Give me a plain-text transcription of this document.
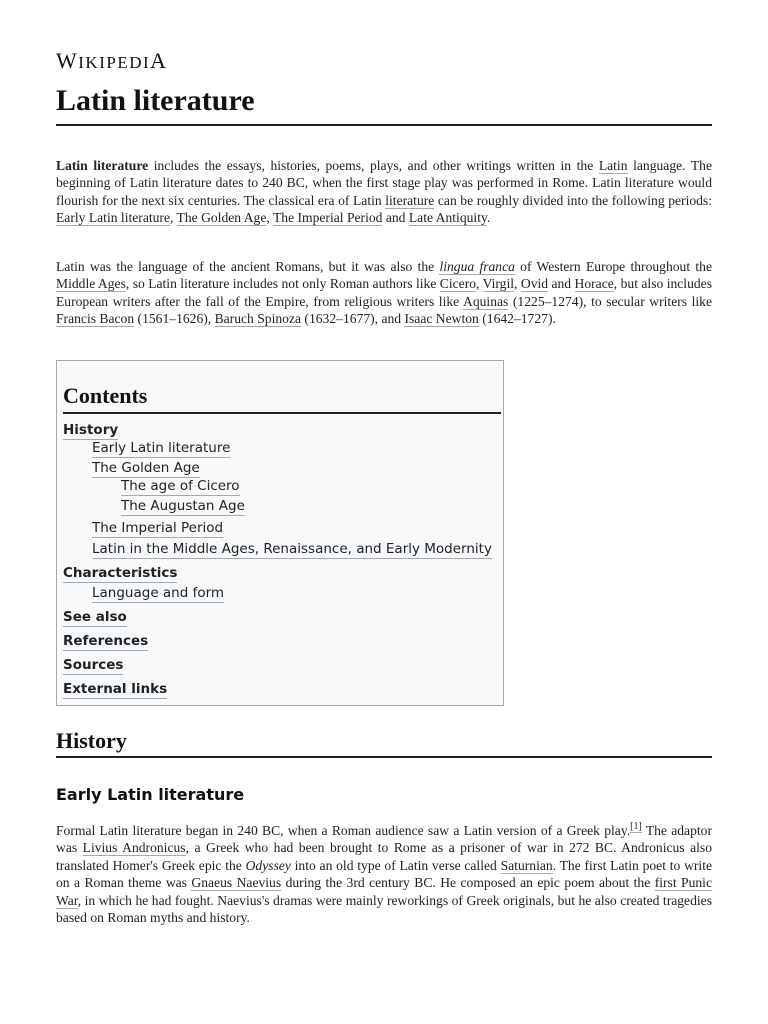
WIKIPEDIA
Latin literature

Latin literature includes the essays, histories, poems, plays, and other writings written in the Latin language. The beginning of Latin literature dates to 240 BC, when the first stage play was performed in Rome. Latin literature would flourish for the next six centuries. The classical era of Latin literature can be roughly divided into the following periods: Early Latin literature, The Golden Age, The Imperial Period and Late Antiquity.

Latin was the language of the ancient Romans, but it was also the lingua franca of Western Europe throughout the Middle Ages, so Latin literature includes not only Roman authors like Cicero, Virgil, Ovid and Horace, but also includes European writers after the fall of the Empire, from religious writers like Aquinas (1225–1274), to secular writers like Francis Bacon (1561–1626), Baruch Spinoza (1632–1677), and Isaac Newton (1642–1727).

Contents
History
Early Latin literature
The Golden Age
The age of Cicero
The Augustan Age
The Imperial Period
Latin in the Middle Ages, Renaissance, and Early Modernity
Characteristics
Language and form
See also
References
Sources
External links
History
Early Latin literature

Formal Latin literature began in 240 BC, when a Roman audience saw a Latin version of a Greek play.[1] The adaptor was Livius Andronicus, a Greek who had been brought to Rome as a prisoner of war in 272 BC. Andronicus also translated Homer's Greek epic the Odyssey into an old type of Latin verse called Saturnian. The first Latin poet to write on a Roman theme was Gnaeus Naevius during the 3rd century BC. He composed an epic poem about the first Punic War, in which he had fought. Naevius's dramas were mainly reworkings of Greek originals, but he also created tragedies based on Roman myths and history.
